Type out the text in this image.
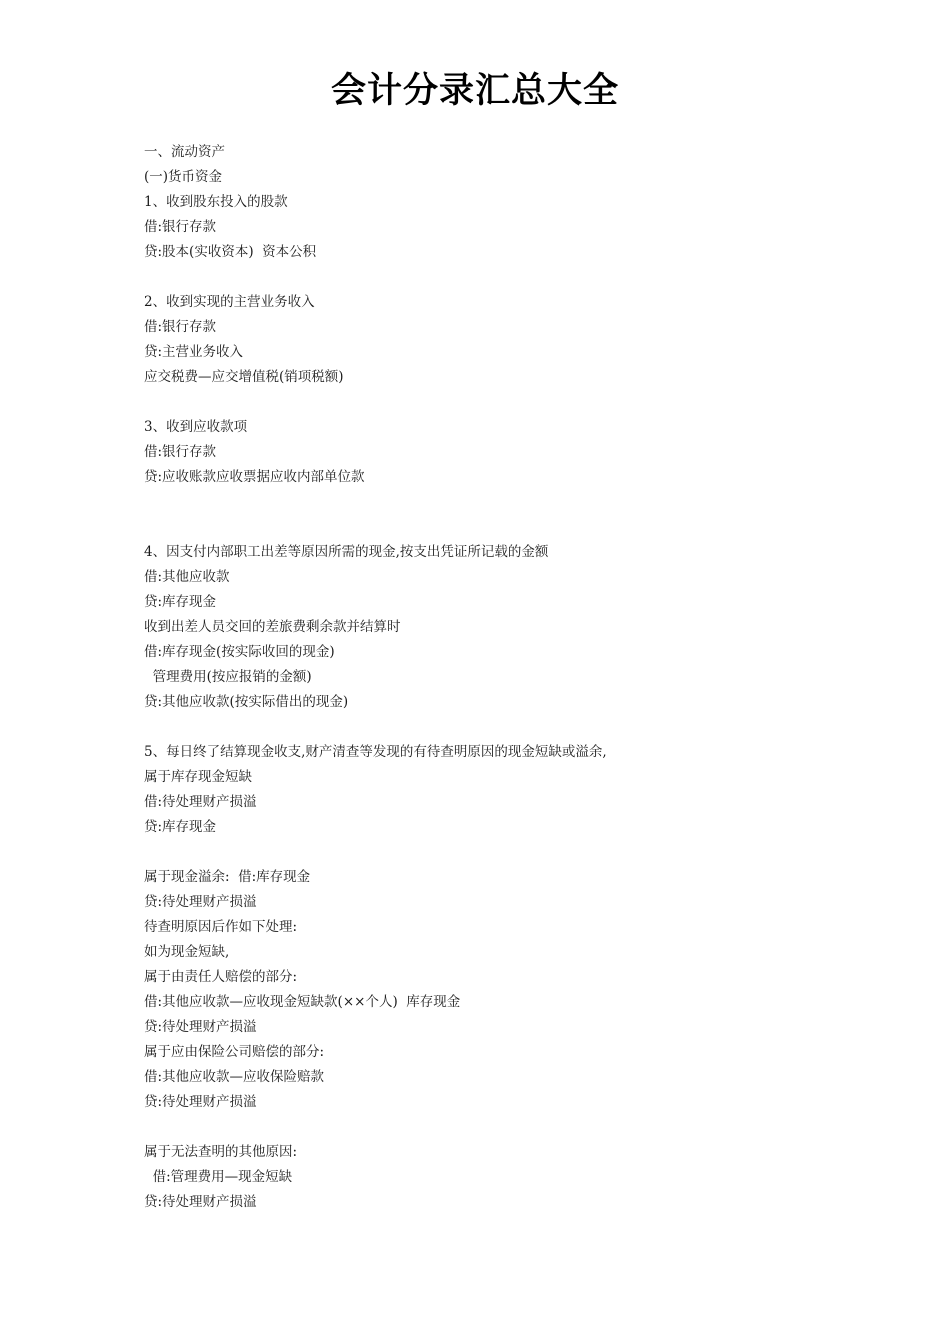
会计分录汇总大全
一、流动资产
(一)货币资金
1、收到股东投入的股款
借:银行存款
贷:股本(实收资本)  资本公积
2、收到实现的主营业务收入
借:银行存款
贷:主营业务收入
应交税费—应交增值税(销项税额)
3、收到应收款项
借:银行存款
贷:应收账款应收票据应收内部单位款
4、因支付内部职工出差等原因所需的现金,按支出凭证所记载的金额
借:其他应收款
贷:库存现金
收到出差人员交回的差旅费剩余款并结算时
借:库存现金(按实际收回的现金)
管理费用(按应报销的金额)
贷:其他应收款(按实际借出的现金)
5、每日终了结算现金收支,财产清查等发现的有待查明原因的现金短缺或溢余,
属于库存现金短缺
借:待处理财产损溢
贷:库存现金
属于现金溢余:  借:库存现金
贷:待处理财产损溢
待查明原因后作如下处理:
如为现金短缺,
属于由责任人赔偿的部分:
借:其他应收款—应收现金短缺款(××个人)  库存现金
贷:待处理财产损溢
属于应由保险公司赔偿的部分:
借:其他应收款—应收保险赔款
贷:待处理财产损溢
属于无法查明的其他原因:
借:管理费用—现金短缺
贷:待处理财产损溢
